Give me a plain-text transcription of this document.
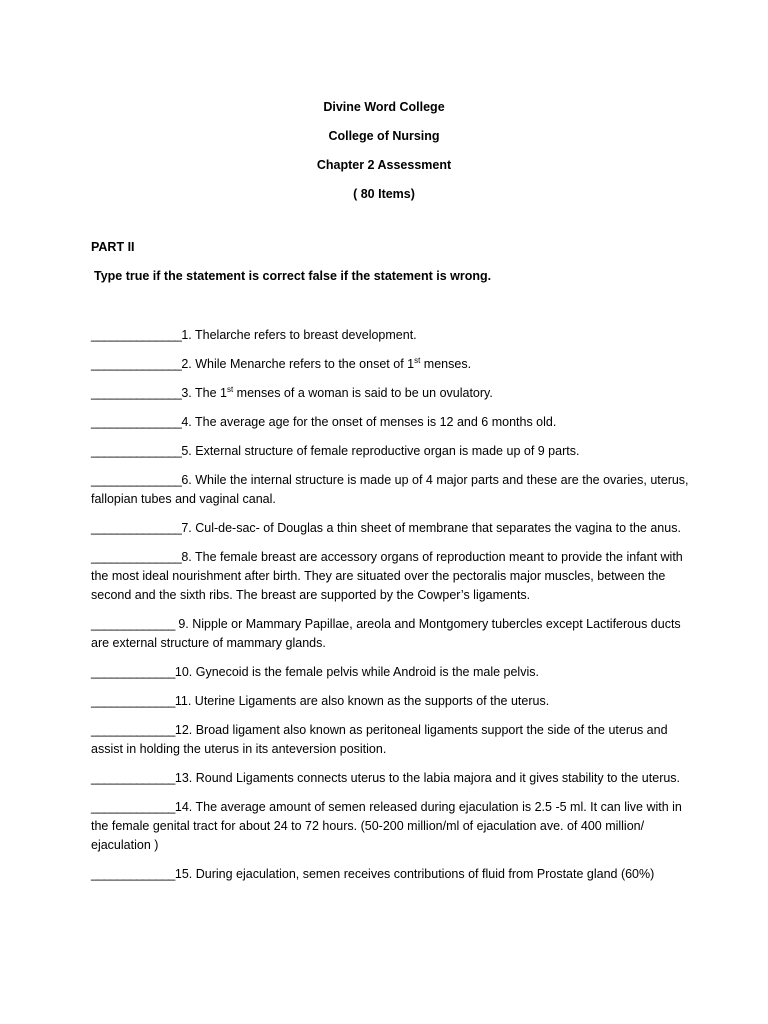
Divine Word College
College of Nursing
Chapter 2 Assessment
( 80 Items)
PART II
Type true if the statement is correct false if the statement is wrong.
______________1. Thelarche refers to breast development.
______________2. While Menarche refers to the onset of 1st menses.
______________3. The 1st menses of a woman is said to be un ovulatory.
______________4. The average age for the onset of menses is 12 and 6 months old.
______________5. External structure of female reproductive organ is made up of 9 parts.
______________6. While the internal structure is made up of 4 major parts and these are the ovaries, uterus, fallopian tubes and vaginal canal.
______________7. Cul-de-sac- of Douglas a thin sheet of membrane that separates the vagina to the anus.
______________8. The female breast are accessory organs of reproduction meant to provide the infant with the most ideal nourishment after birth. They are situated over the pectoralis major muscles, between the second and the sixth ribs. The breast are supported by the Cowper’s ligaments.
_____________ 9. Nipple or Mammary Papillae, areola and Montgomery tubercles except Lactiferous ducts are external structure of mammary glands.
_____________10. Gynecoid is the female pelvis while Android is the male pelvis.
_____________11. Uterine Ligaments are also known as the supports of the uterus.
_____________12. Broad ligament also known as peritoneal ligaments support the side of the uterus and assist in holding the uterus in its anteversion position.
_____________13. Round Ligaments connects uterus to the labia majora and it gives stability to the uterus.
_____________14. The average amount of semen released during ejaculation is 2.5 -5 ml. It can live with in the female genital tract for about 24 to 72 hours. (50-200 million/ml of ejaculation ave. of 400 million/ ejaculation )
_____________15. During ejaculation, semen receives contributions of fluid from Prostate gland (60%)
